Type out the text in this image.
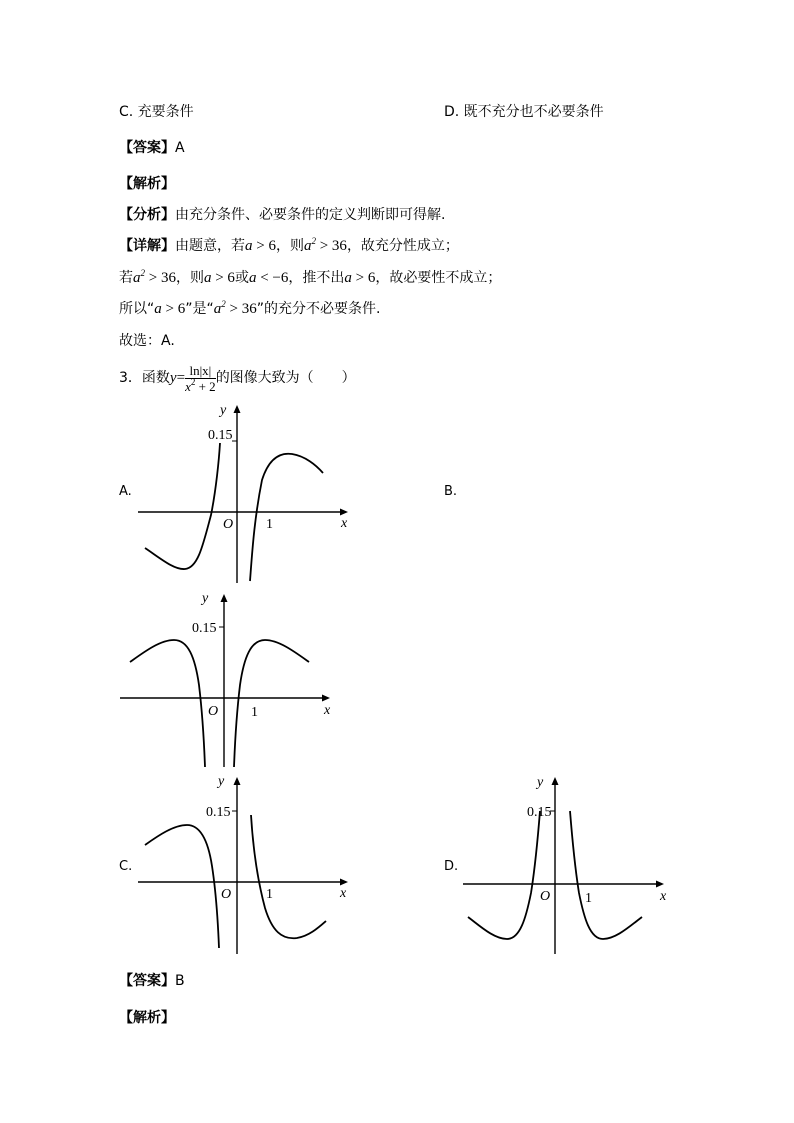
C. 充要条件	D. 既不充分也不必要条件
【答案】A
【解析】
【分析】由充分条件、必要条件的定义判断即可得解.
【详解】由题意，若a > 6，则$a^2 > 36$，故充分性成立；
若$a^2 > 36$，则a > 6或a < −6，推不出a > 6，故必要性不成立；
所以“a > 6”是“$a^2 > 36$”的充分不必要条件.
故选：A.
3．函数$y= \frac{\ln|x|}{x^2 + 2}$ 的图像大致为（　　）
A.	B.
C.	D.
y
0.15
O 1	x
y
0.15
O 1	x
y
0.15
O 1	x
y
0.15
O 1	x
【答案】B
【解析】
